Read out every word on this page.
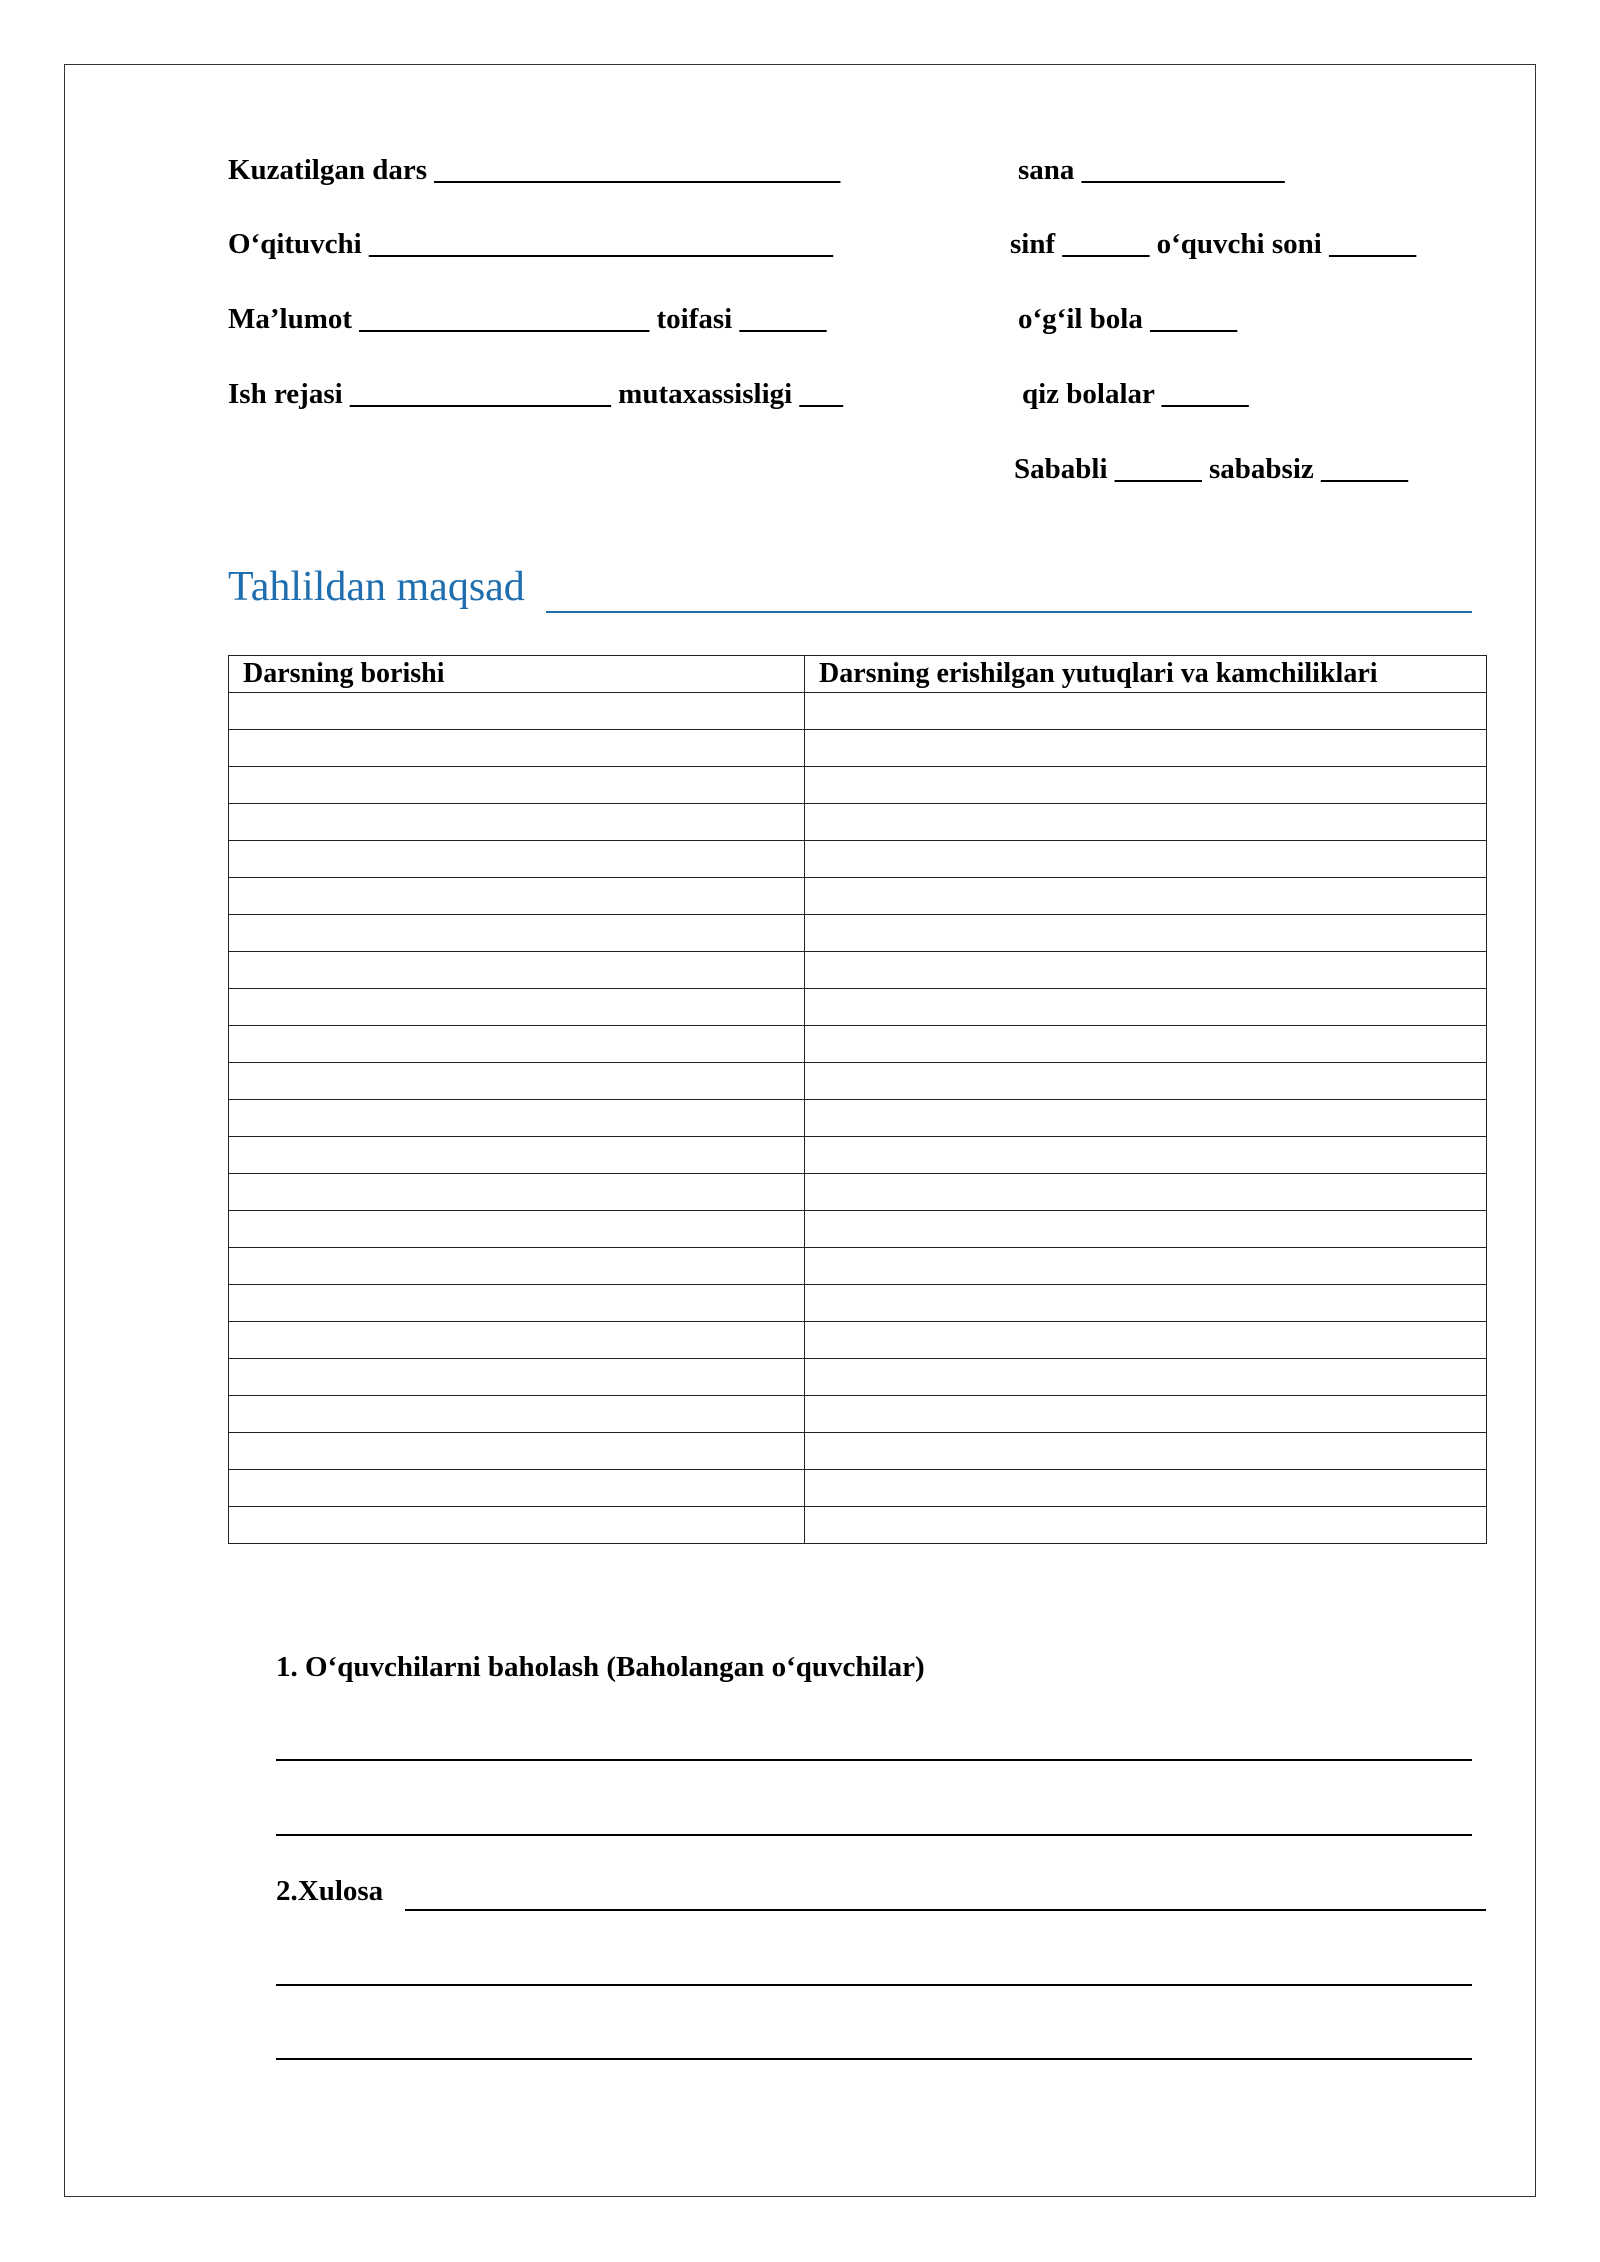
Kuzatilgan dars ____________________________	sana ______________
O‘qituvchi ________________________________	sinf ______ o‘quvchi soni ______
Ma’lumot ____________________ toifasi ______	o‘g‘il bola ______
Ish rejasi __________________ mutaxassisligi ___	qiz bolalar ______
Sababli ______ sababsiz ______
Tahlildan maqsad
Darsning borishi	Darsning erishilgan yutuqlari va kamchiliklari

1. O‘quvchilarni baholash (Baholangan o‘quvchilar)
2.Xulosa
